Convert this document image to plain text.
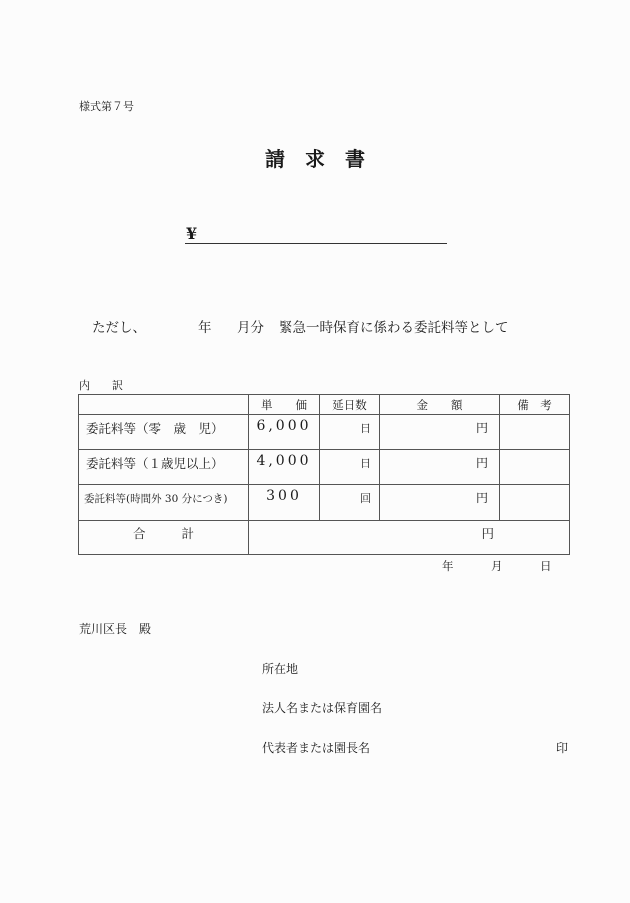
様式第７号
請 求 書
¥
ただし、	年 月分 緊急一時保育に係わる委託料等として
内 訳
	単　　価	延日数	金　　額	備　考
委託料等（零　歳　児）	6,000	日	円	
委託料等（１歳児以上）	4,000	日	円	
委託料等(時間外 30 分につき)	300	回	円	
合 計	円			
年	月	日
荒川区長 殿
所在地
法人名または保育園名
代表者または園長名	印
